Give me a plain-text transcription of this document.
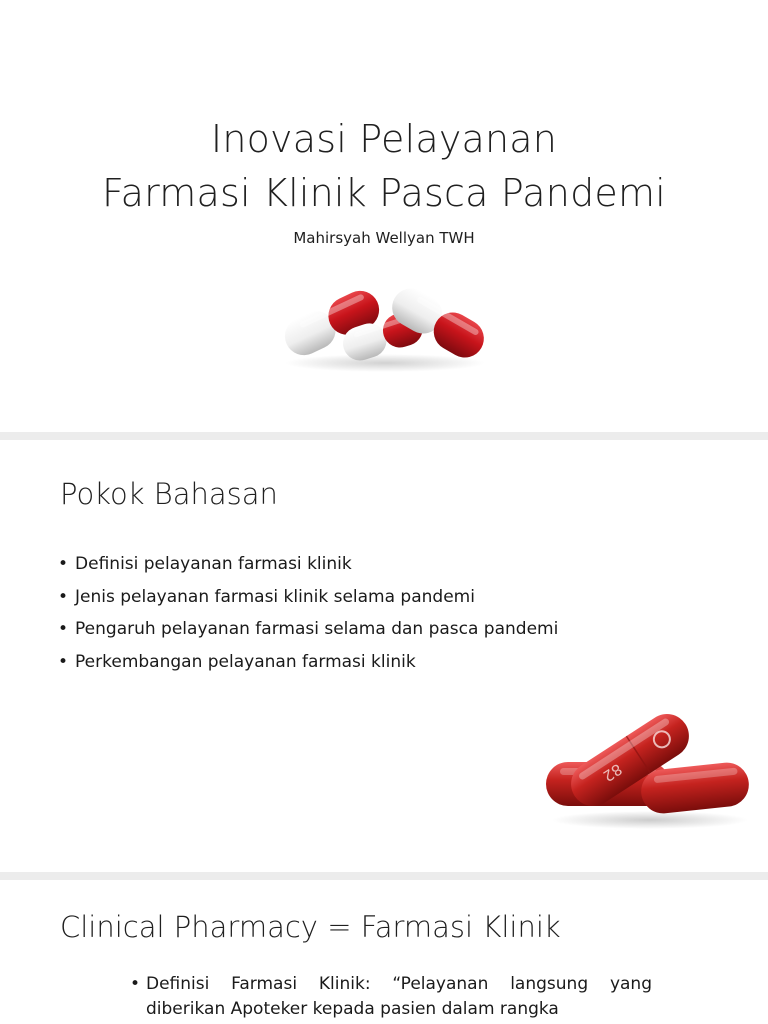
Inovasi Pelayanan
Farmasi Klinik Pasca Pandemi
Mahirsyah Wellyan TWH
Pokok Bahasan
• Definisi pelayanan farmasi klinik
• Jenis pelayanan farmasi klinik selama pandemi
• Pengaruh pelayanan farmasi selama dan pasca pandemi
• Perkembangan pelayanan farmasi klinik
82
Clinical Pharmacy = Farmasi Klinik
• Definisi Farmasi Klinik: “Pelayanan langsung yang diberikan Apoteker kepada pasien dalam rangka
